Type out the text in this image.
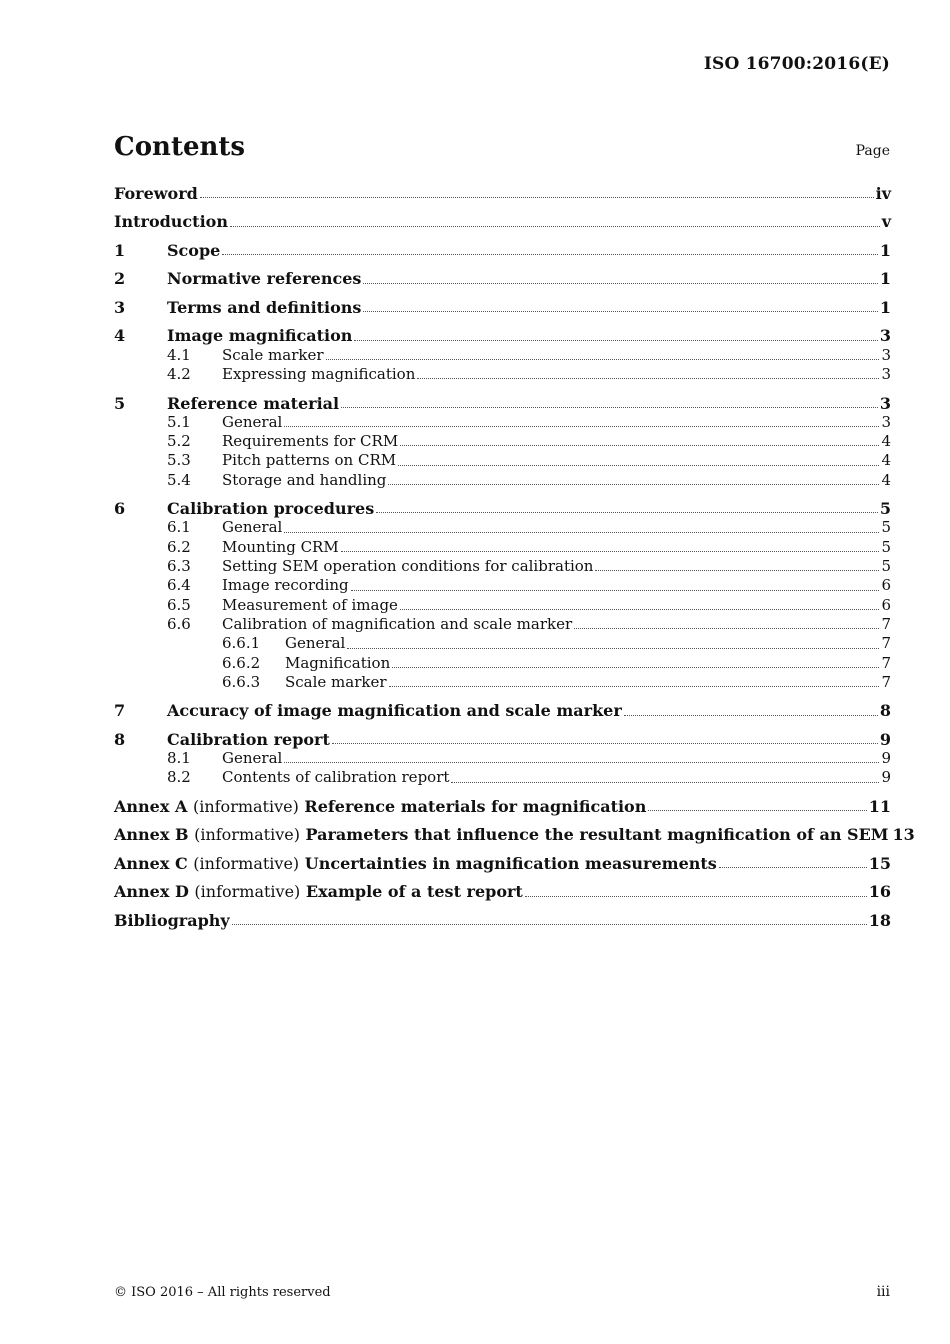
ISO 16700:2016(E)
Contents	Page
Foreword	iv
Introduction	v
1	Scope	1
2	Normative references	1
3	Terms and definitions	1
4	Image magnification	3
4.1	Scale marker	3
4.2	Expressing magnification	3
5	Reference material	3
5.1	General	3
5.2	Requirements for CRM	4
5.3	Pitch patterns on CRM	4
5.4	Storage and handling	4
6	Calibration procedures	5
6.1	General	5
6.2	Mounting CRM	5
6.3	Setting SEM operation conditions for calibration	5
6.4	Image recording	6
6.5	Measurement of image	6
6.6	Calibration of magnification and scale marker	7
6.6.1	General	7
6.6.2	Magnification	7
6.6.3	Scale marker	7
7	Accuracy of image magnification and scale marker	8
8	Calibration report	9
8.1	General	9
8.2	Contents of calibration report	9
Annex A (informative) Reference materials for magnification	11
Annex B (informative) Parameters that influence the resultant magnification of an SEM 13
Annex C (informative) Uncertainties in magnification measurements	15
Annex D (informative) Example of a test report	16
Bibliography	18
© ISO 2016 – All rights reserved	iii
